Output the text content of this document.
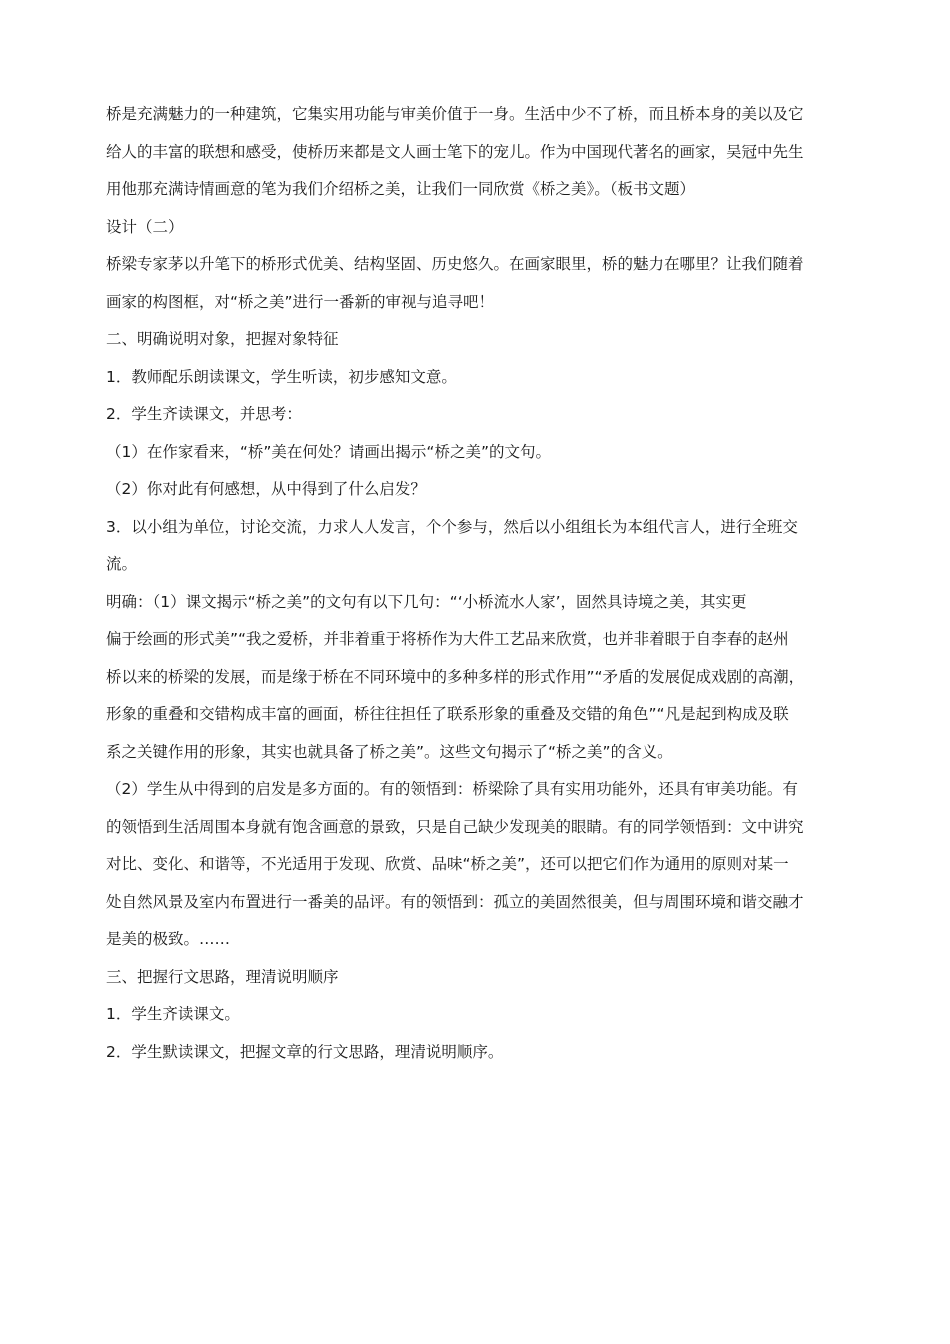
桥是充满魅力的一种建筑，它集实用功能与审美价值于一身。生活中少不了桥，而且桥本身的美以及它
给人的丰富的联想和感受，使桥历来都是文人画士笔下的宠儿。作为中国现代著名的画家，吴冠中先生
用他那充满诗情画意的笔为我们介绍桥之美，让我们一同欣赏《桥之美》。（板书文题）
设计（二）
桥梁专家茅以升笔下的桥形式优美、结构坚固、历史悠久。在画家眼里，桥的魅力在哪里？让我们随着
画家的构图框，对“桥之美”进行一番新的审视与追寻吧！
二、明确说明对象，把握对象特征
1．教师配乐朗读课文，学生听读，初步感知文意。
2．学生齐读课文，并思考：
（1）在作家看来，“桥”美在何处？请画出揭示“桥之美”的文句。
（2）你对此有何感想，从中得到了什么启发？
3．以小组为单位，讨论交流，力求人人发言，个个参与，然后以小组组长为本组代言人，进行全班交
流。
明确：（1）课文揭示“桥之美”的文句有以下几句：“‘小桥流水人家’，固然具诗境之美，其实更
偏于绘画的形式美”“我之爱桥，并非着重于将桥作为大件工艺品来欣赏，也并非着眼于自李春的赵州
桥以来的桥梁的发展，而是缘于桥在不同环境中的多种多样的形式作用”“矛盾的发展促成戏剧的高潮，
形象的重叠和交错构成丰富的画面，桥往往担任了联系形象的重叠及交错的角色”“凡是起到构成及联
系之关键作用的形象，其实也就具备了桥之美”。这些文句揭示了“桥之美”的含义。
（2）学生从中得到的启发是多方面的。有的领悟到：桥梁除了具有实用功能外，还具有审美功能。有
的领悟到生活周围本身就有饱含画意的景致，只是自己缺少发现美的眼睛。有的同学领悟到：文中讲究
对比、变化、和谐等，不光适用于发现、欣赏、品味“桥之美”，还可以把它们作为通用的原则对某一
处自然风景及室内布置进行一番美的品评。有的领悟到：孤立的美固然很美，但与周围环境和谐交融才
是美的极致。……
三、把握行文思路，理清说明顺序
1．学生齐读课文。
2．学生默读课文，把握文章的行文思路，理清说明顺序。
